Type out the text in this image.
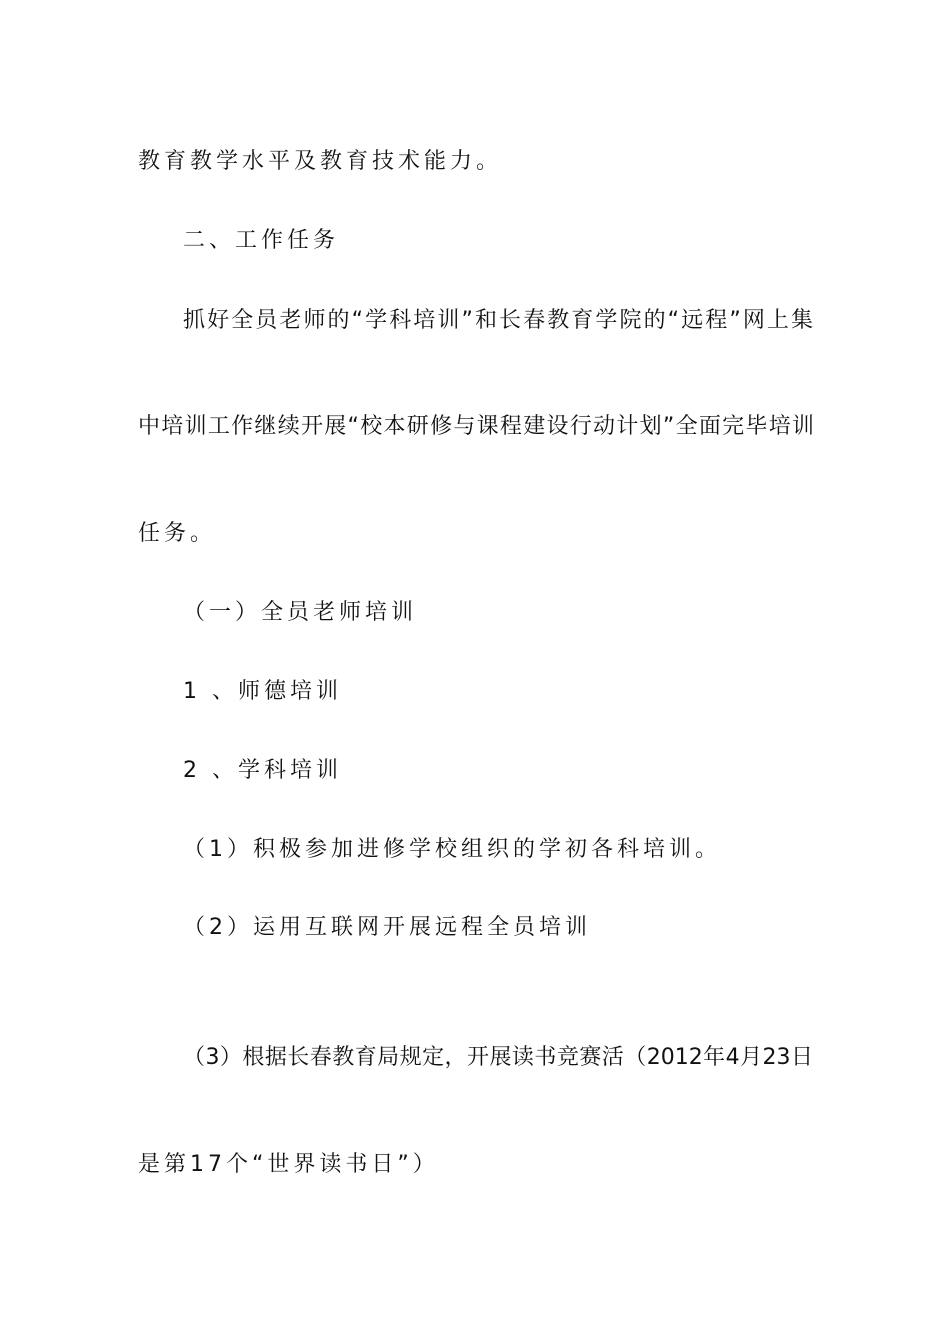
教育教学水平及教育技术能力。
二、工作任务
抓好全员老师的“学科培训”和长春教育学院的“远程”网上集
中培训工作继续开展“校本研修与课程建设行动计划”全面完毕培训
任务。
（一）全员老师培训
1 、师德培训
2 、学科培训
（1）积极参加进修学校组织的学初各科培训。
（2）运用互联网开展远程全员培训
（3）根据长春教育局规定，开展读书竞赛活（2012年4月23日
是第17个“世界读书日”）
